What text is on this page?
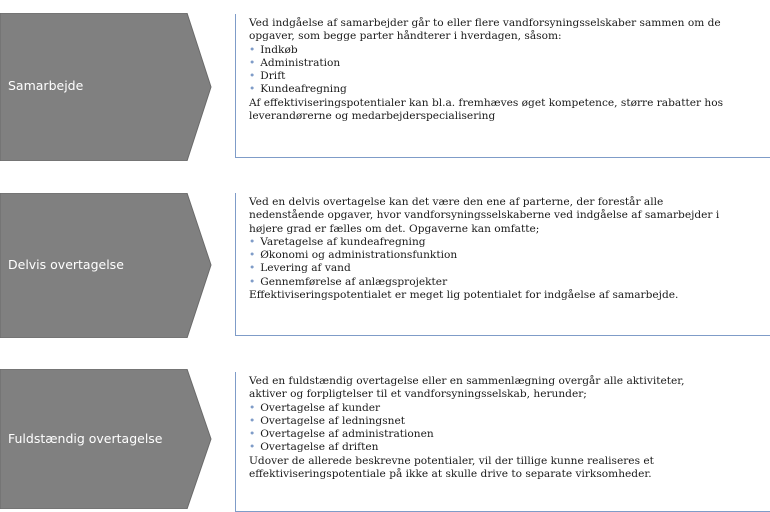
Samarbejde

Ved indgåelse af samarbejder går to eller flere vandforsyningsselskaber sammen om de

opgaver, som begge parter håndterer i hverdagen, såsom:

• Indkøb
• Administration
• Drift
• Kundeafregning

Af effektiviseringspotentialer kan bl.a. fremhæves øget kompetence, større rabatter hos

leverandørerne og medarbejderspecialisering

Delvis overtagelse

Ved en delvis overtagelse kan det være den ene af parterne, der forestår alle

nedenstående opgaver, hvor vandforsyningsselskaberne ved indgåelse af samarbejder i

højere grad er fælles om det. Opgaverne kan omfatte;

• Varetagelse af kundeafregning
• Økonomi og administrationsfunktion
• Levering af vand
• Gennemførelse af anlægsprojekter

Effektiviseringspotentialet er meget lig potentialet for indgåelse af samarbejde.

Fuldstændig overtagelse

Ved en fuldstændig overtagelse eller en sammenlægning overgår alle aktiviteter,

aktiver og forpligtelser til et vandforsyningsselskab, herunder;

• Overtagelse af kunder
• Overtagelse af ledningsnet
• Overtagelse af administrationen
• Overtagelse af driften

Udover de allerede beskrevne potentialer, vil der tillige kunne realiseres et

effektiviseringspotentiale på ikke at skulle drive to separate virksomheder.
